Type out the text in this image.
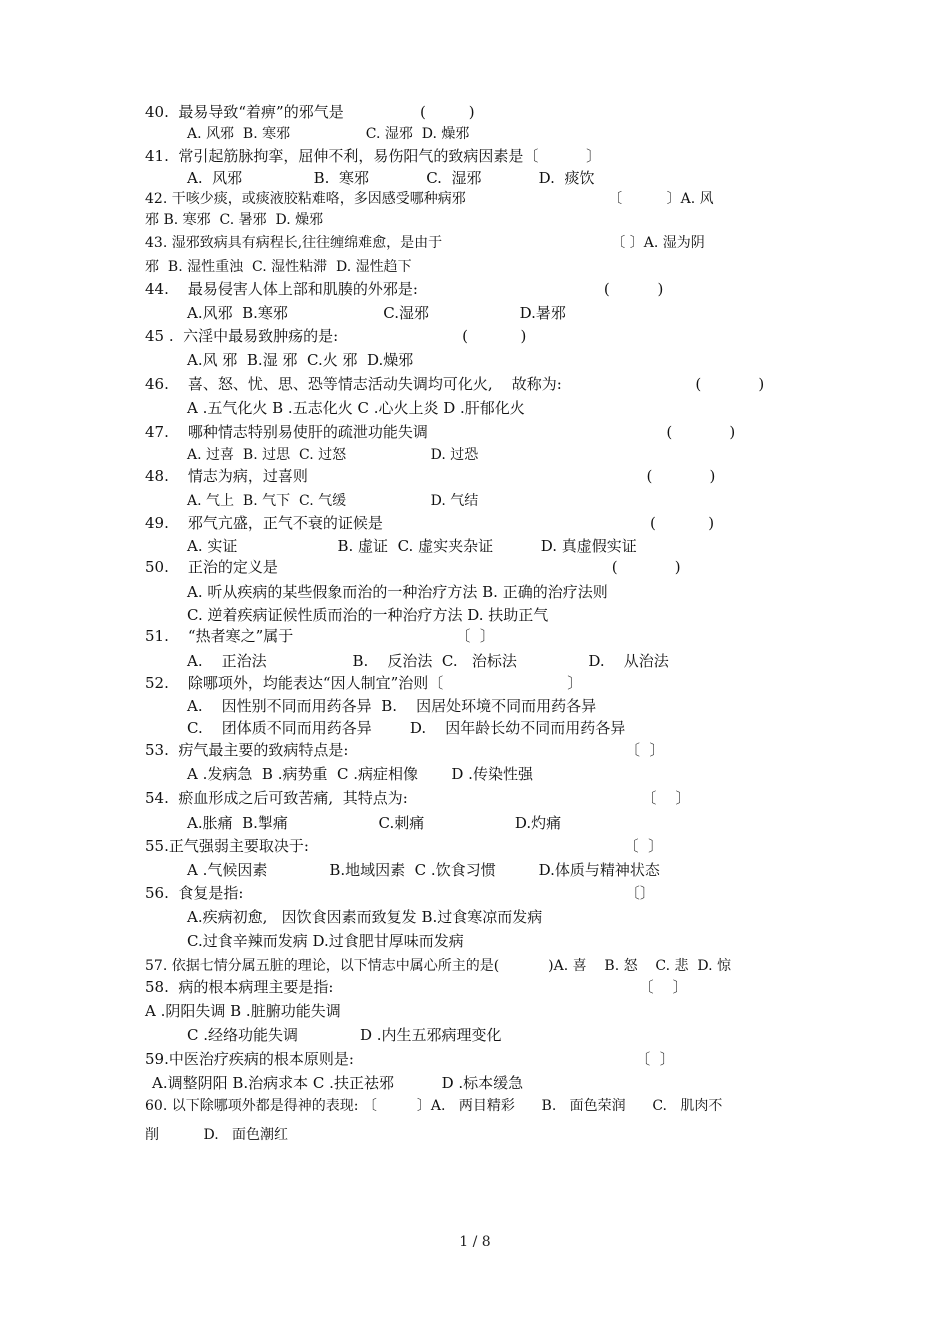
40.  最易导致“着痹”的邪气是                (         )
A. 风邪  B. 寒邪                 C. 湿邪  D. 燥邪
41.  常引起筋脉拘挛，屈伸不利，易伤阳气的致病因素是〔          〕
A.  风邪               B.  寒邪            C.  湿邪            D.  痰饮
42. 干咳少痰，或痰液胶粘难咯，多因感受哪种病邪                                〔          〕A. 风
邪 B. 寒邪  C. 暑邪  D. 燥邪
43. 湿邪致病具有病程长,往往缠绵难愈，是由于                                      〔 〕A. 湿为阴
邪  B. 湿性重浊  C. 湿性粘滞  D. 湿性趋下
44.    最易侵害人体上部和肌腠的外邪是:                                       (          )
A.风邪  B.寒邪                    C.湿邪                   D.暑邪
45 .  六淫中最易致肿疡的是:                          (           )
A.风 邪  B.湿 邪  C.火 邪  D.燥邪
46.    喜、怒、忧、思、恐等情志活动失调均可化火,    故称为:                            (            )
A .五气化火 B .五志化火 C .心火上炎 D .肝郁化火
47.    哪种情志特别易使肝的疏泄功能失调                                                  (            )
A. 过喜  B. 过思  C. 过怒                   D. 过恐
48.    情志为病，过喜则                                                                       (            )
A. 气上  B. 气下  C. 气缓                   D. 气结
49.    邪气亢盛，正气不衰的证候是                                                        (           )
A. 实证                     B. 虚证  C. 虚实夹杂证          D. 真虚假实证
50.    正治的定义是                                                                      (            )
A. 听从疾病的某些假象而治的一种治疗方法 B. 正确的治疗法则
C. 逆着疾病证候性质而治的一种治疗方法 D. 扶助正气
51.    “热者寒之”属于                                  〔  〕
A.    正治法                  B.    反治法  C.   治标法               D.    从治法
52.    除哪项外，均能表达“因人制宜”治则〔                          〕
A.    因性别不同而用药各异  B.    因居处环境不同而用药各异
C.    团体质不同而用药各异        D.    因年龄长幼不同而用药各异
53.  疠气最主要的致病特点是:                                                          〔  〕
A .发病急  B .病势重  C .病症相像       D .传染性强
54.  瘀血形成之后可致苦痛,  其特点为:                                                 〔    〕
A.胀痛  B.掣痛                   C.刺痛                   D.灼痛
55.正气强弱主要取决于:                                                                  〔  〕
A .气候因素             B.地域因素  C .饮食习惯         D.体质与精神状态
56.  食复是指:                                                                                〔〕
A.疾病初愈,   因饮食因素而致复发 B.过食寒凉而发病
C.过食辛辣而发病 D.过食肥甘厚味而发病
57. 依据七情分属五脏的理论，以下情志中属心所主的是(           )A. 喜    B. 怒    C. 悲  D. 惊
58.  病的根本病理主要是指:                                                                〔    〕
A .阴阳失调 B .脏腑功能失调
C .经络功能失调             D .内生五邪病理变化
59.中医治疗疾病的根本原则是:                                                           〔  〕
A.调整阴阳 B.治病求本 C .扶正祛邪          D .标本缓急
60. 以下除哪项外都是得神的表现: 〔         〕A.   两目精彩      B.   面色荣润      C.   肌肉不
削          D.   面色潮红
1 / 8
